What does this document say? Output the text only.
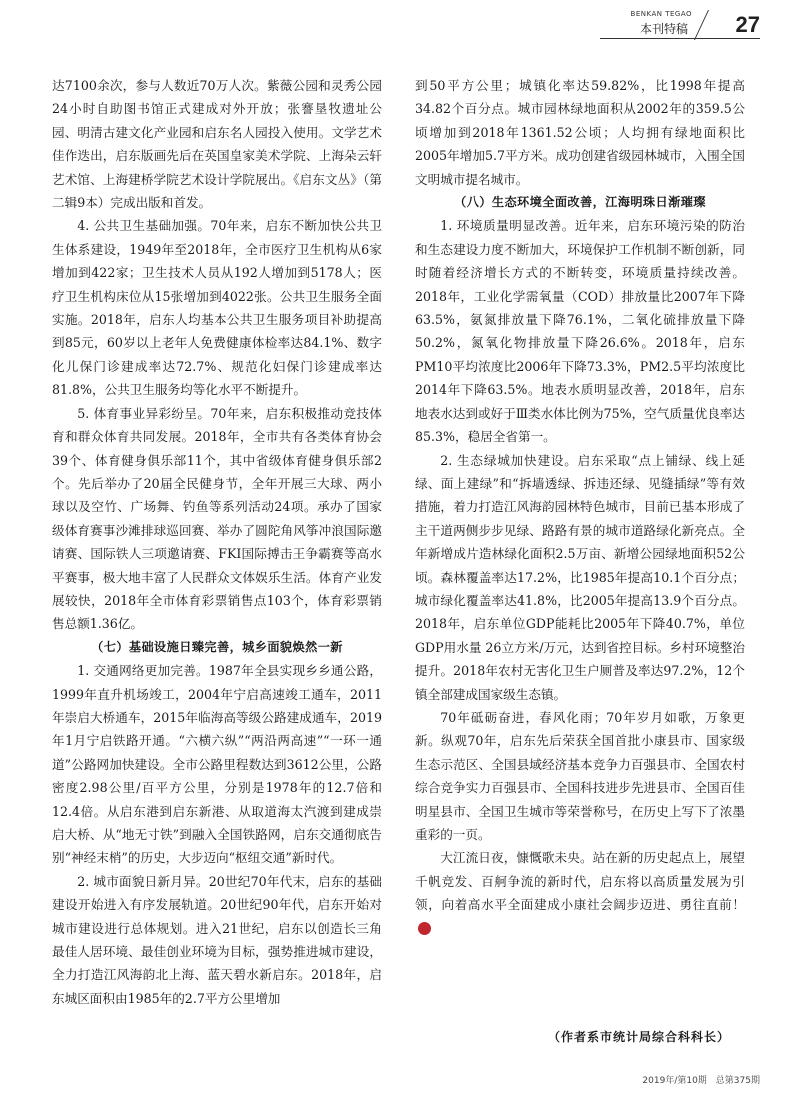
BENKAN TEGAO
本刊特稿 27

达7100余次，参与人数近70万人次。紫薇公园和灵秀公园24小时自助图书馆正式建成对外开放；张謇垦牧遗址公园、明清古建文化产业园和启东名人园投入使用。文学艺术佳作迭出，启东版画先后在英国皇家美术学院、上海朵云轩艺术馆、上海建桥学院艺术设计学院展出。《启东文丛》（第二辑9本）完成出版和首发。

4. 公共卫生基础加强。70年来，启东不断加快公共卫生体系建设，1949年至2018年，全市医疗卫生机构从6家增加到422家；卫生技术人员从192人增加到5178人；医疗卫生机构床位从15张增加到4022张。公共卫生服务全面实施。2018年，启东人均基本公共卫生服务项目补助提高到85元，60岁以上老年人免费健康体检率达84.1%、数字化儿保门诊建成率达72.7%、规范化妇保门诊建成率达81.8%，公共卫生服务均等化水平不断提升。

5. 体育事业异彩纷呈。70年来，启东积极推动竞技体育和群众体育共同发展。2018年，全市共有各类体育协会39个、体育健身俱乐部11个，其中省级体育健身俱乐部2个。先后举办了20届全民健身节，全年开展三大球、两小球以及空竹、广场舞、钓鱼等系列活动24项。承办了国家级体育赛事沙滩排球巡回赛、举办了圆陀角风筝冲浪国际邀请赛、国际铁人三项邀请赛、FKI国际搏击王争霸赛等高水平赛事，极大地丰富了人民群众文体娱乐生活。体育产业发展较快，2018年全市体育彩票销售点103个，体育彩票销售总额1.36亿。

（七）基础设施日臻完善，城乡面貌焕然一新

1. 交通网络更加完善。1987年全县实现乡乡通公路，1999年直升机场竣工，2004年宁启高速竣工通车，2011年崇启大桥通车，2015年临海高等级公路建成通车，2019年1月宁启铁路开通。“六横六纵”“两沿两高速”“一环一通道”公路网加快建设。全市公路里程数达到3612公里，公路密度2.98公里/百平方公里，分别是1978年的12.7倍和12.4倍。从启东港到启东新港、从取道海太汽渡到建成崇启大桥、从“地无寸铁”到融入全国铁路网，启东交通彻底告别“神经末梢”的历史，大步迈向“枢纽交通”新时代。

2. 城市面貌日新月异。20世纪70年代末，启东的基础建设开始进入有序发展轨道。20世纪90年代，启东开始对城市建设进行总体规划。进入21世纪，启东以创造长三角最佳人居环境、最佳创业环境为目标，强势推进城市建设，全力打造江风海韵北上海、蓝天碧水新启东。2018年，启东城区面积由1985年的2.7平方公里增加

到50平方公里；城镇化率达59.82%，比1998年提高34.82个百分点。城市园林绿地面积从2002年的359.5公顷增加到2018年1361.52公顷；人均拥有绿地面积比2005年增加5.7平方米。成功创建省级园林城市，入围全国文明城市提名城市。

（八）生态环境全面改善，江海明珠日渐璀璨

1. 环境质量明显改善。近年来，启东环境污染的防治和生态建设力度不断加大，环境保护工作机制不断创新，同时随着经济增长方式的不断转变，环境质量持续改善。2018年，工业化学需氧量（COD）排放量比2007年下降63.5%，氨氮排放量下降76.1%，二氧化硫排放量下降50.2%，氮氧化物排放量下降26.6%。2018年，启东PM10平均浓度比2006年下降73.3%，PM2.5平均浓度比2014年下降63.5%。地表水质明显改善，2018年，启东地表水达到或好于Ⅲ类水体比例为75%，空气质量优良率达85.3%，稳居全省第一。

2. 生态绿城加快建设。启东采取“点上铺绿、线上延绿、面上建绿”和“拆墙透绿、拆违还绿、见缝插绿”等有效措施，着力打造江风海韵园林特色城市，目前已基本形成了主干道两侧步步见绿、路路有景的城市道路绿化新亮点。全年新增成片造林绿化面积2.5万亩、新增公园绿地面积52公顷。森林覆盖率达17.2%，比1985年提高10.1个百分点；城市绿化覆盖率达41.8%，比2005年提高13.9个百分点。2018年，启东单位GDP能耗比2005年下降40.7%，单位GDP用水量 26立方米/万元，达到省控目标。乡村环境整治提升。2018年农村无害化卫生户厕普及率达97.2%，12个镇全部建成国家级生态镇。

70年砥砺奋进，春风化雨；70年岁月如歌，万象更新。纵观70年，启东先后荣获全国首批小康县市、国家级生态示范区、全国县域经济基本竞争力百强县市、全国农村综合竞争实力百强县市、全国科技进步先进县市、全国百佳明星县市、全国卫生城市等荣誉称号，在历史上写下了浓墨重彩的一页。

大江流日夜，慷慨歌未央。站在新的历史起点上，展望千帆竞发、百舸争流的新时代，启东将以高质量发展为引领，向着高水平全面建成小康社会阔步迈进、勇往直前！

（作者系市统计局综合科科长）
2019年/第10期　总第375期
